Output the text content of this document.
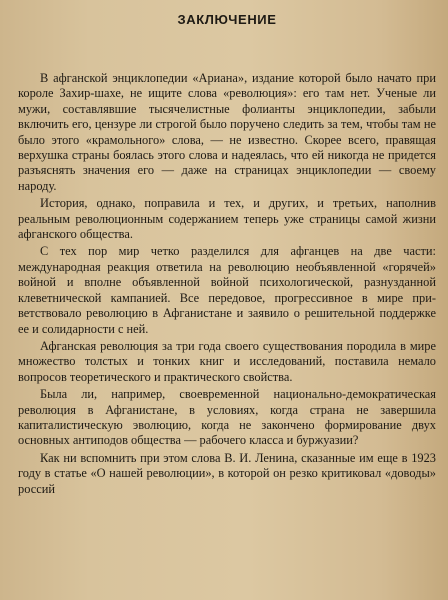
ЗАКЛЮЧЕНИЕ

В афганской энциклопедии «Ариана», издание которой было начато при короле Захир-шахе, не ищите слова «революция»: его там нет. Ученые ли мужи, составлявшие тысячелистные фолианты энциклопедии, забыли включить его, цензуре ли строгой было поручено следить за тем, чтобы там не было этого «крамольного» слова, — не известно. Скорее всего, правящая верхушка страны боялась этого слова и надеялась, что ей никогда не придется разъяснять значения его — даже на страницах энциклопедии — своему народу.

История, однако, поправила и тех, и других, и третьих, наполнив реальным революционным содержанием теперь уже страницы самой жизни афганского общества.

С тех пор мир четко разделился для афганцев на две части: международная реакция ответила на революцию необъявленной «горячей» войной и вполне объявленной войной психологической, разнузданной клеветнической кампанией. Все передовое, прогрессивное в мире приветствовало революцию в Афганистане и заявило о решительной поддержке ее и солидарности с ней.

Афганская революция за три года своего существования породила в мире множество толстых и тонких книг и исследований, поставила немало вопросов теоретического и практического свойства.

Была ли, например, своевременной национально-демократическая революция в Афганистане, в условиях, когда страна не завершила капиталистическую эволюцию, когда не закончено формирование двух основных антиподов общества — рабочего класса и буржуазии?

Как ни вспомнить при этом слова В. И. Ленина, сказанные им еще в 1923 году в статье «О нашей революции», в которой он резко критиковал «доводы» россий
